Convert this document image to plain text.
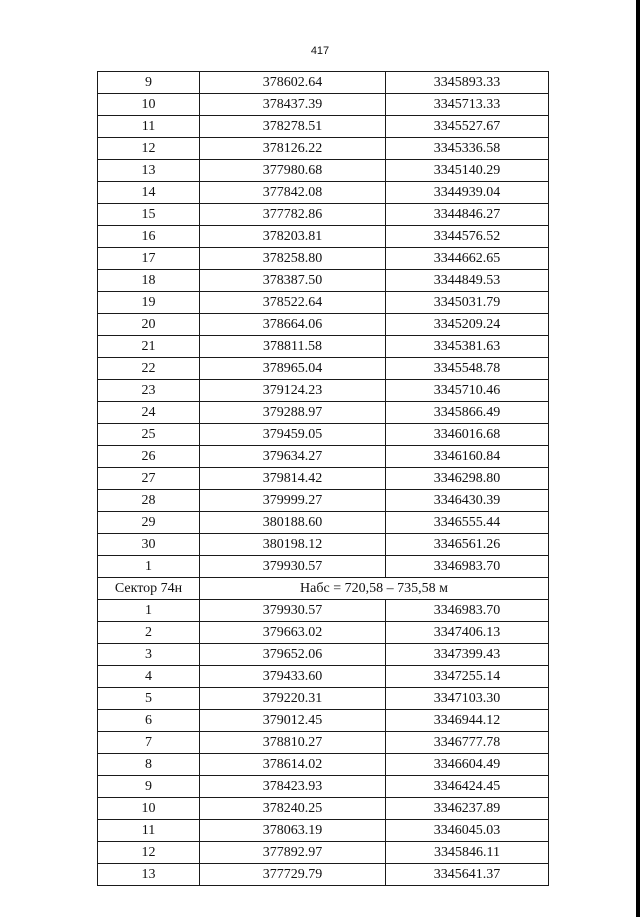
417
9	378602.64	3345893.33
10	378437.39	3345713.33
11	378278.51	3345527.67
12	378126.22	3345336.58
13	377980.68	3345140.29
14	377842.08	3344939.04
15	377782.86	3344846.27
16	378203.81	3344576.52
17	378258.80	3344662.65
18	378387.50	3344849.53
19	378522.64	3345031.79
20	378664.06	3345209.24
21	378811.58	3345381.63
22	378965.04	3345548.78
23	379124.23	3345710.46
24	379288.97	3345866.49
25	379459.05	3346016.68
26	379634.27	3346160.84
27	379814.42	3346298.80
28	379999.27	3346430.39
29	380188.60	3346555.44
30	380198.12	3346561.26
1	379930.57	3346983.70
Сектор 74н	Набс = 720,58 – 735,58 м	
1	379930.57	3346983.70
2	379663.02	3347406.13
3	379652.06	3347399.43
4	379433.60	3347255.14
5	379220.31	3347103.30
6	379012.45	3346944.12
7	378810.27	3346777.78
8	378614.02	3346604.49
9	378423.93	3346424.45
10	378240.25	3346237.89
11	378063.19	3346045.03
12	377892.97	3345846.11
13	377729.79	3345641.37
